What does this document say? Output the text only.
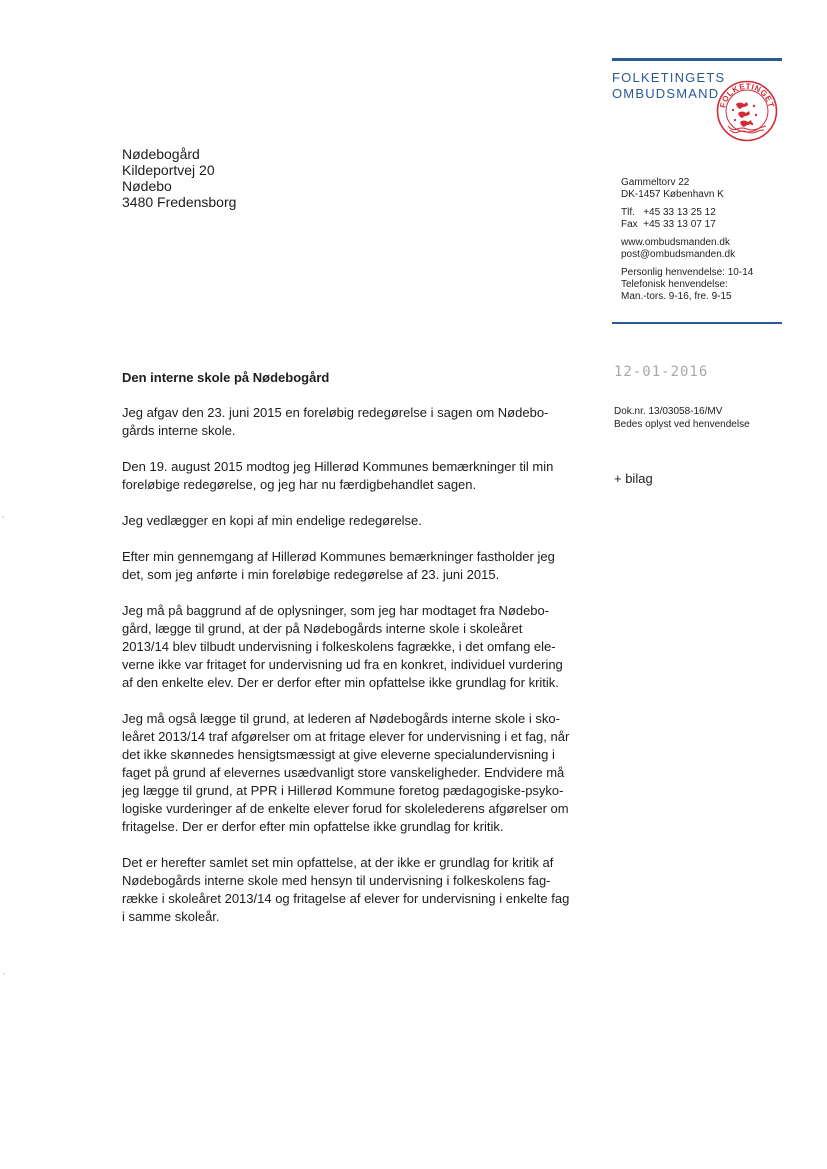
FOLKETINGETS
OMBUDSMAND
FOLKETINGET
Nødebogård
Kildeportvej 20
Nødebo
3480 Fredensborg
Gammeltorv 22
DK-1457 København K
Tlf.   +45 33 13 25 12
Fax  +45 33 13 07 17
www.ombudsmanden.dk
post@ombudsmanden.dk
Personlig henvendelse: 10-14
Telefonisk henvendelse:
Man.-tors. 9-16, fre. 9-15
12-01-2016
Dok.nr. 13/03058-16/MV
Bedes oplyst ved henvendelse
+ bilag
Den interne skole på Nødebogård

Jeg afgav den 23. juni 2015 en foreløbig redegørelse i sagen om Nødebo-
gårds interne skole.

Den 19. august 2015 modtog jeg Hillerød Kommunes bemærkninger til min
foreløbige redegørelse, og jeg har nu færdigbehandlet sagen.

Jeg vedlægger en kopi af min endelige redegørelse.

Efter min gennemgang af Hillerød Kommunes bemærkninger fastholder jeg
det, som jeg anførte i min foreløbige redegørelse af 23. juni 2015.

Jeg må på baggrund af de oplysninger, som jeg har modtaget fra Nødebo-
gård, lægge til grund, at der på Nødebogårds interne skole i skoleåret
2013/14 blev tilbudt undervisning i folkeskolens fagrække, i det omfang ele-
verne ikke var fritaget for undervisning ud fra en konkret, individuel vurdering
af den enkelte elev. Der er derfor efter min opfattelse ikke grundlag for kritik.

Jeg må også lægge til grund, at lederen af Nødebogårds interne skole i sko-
leåret 2013/14 traf afgørelser om at fritage elever for undervisning i et fag, når
det ikke skønnedes hensigtsmæssigt at give eleverne specialundervisning i
faget på grund af elevernes usædvanligt store vanskeligheder. Endvidere må
jeg lægge til grund, at PPR i Hillerød Kommune foretog pædagogiske-psyko-
logiske vurderinger af de enkelte elever forud for skolelederens afgørelser om
fritagelse. Der er derfor efter min opfattelse ikke grundlag for kritik.

Det er herefter samlet set min opfattelse, at der ikke er grundlag for kritik af
Nødebogårds interne skole med hensyn til undervisning i folkeskolens fag-
række i skoleåret 2013/14 og fritagelse af elever for undervisning i enkelte fag
i samme skoleår.
